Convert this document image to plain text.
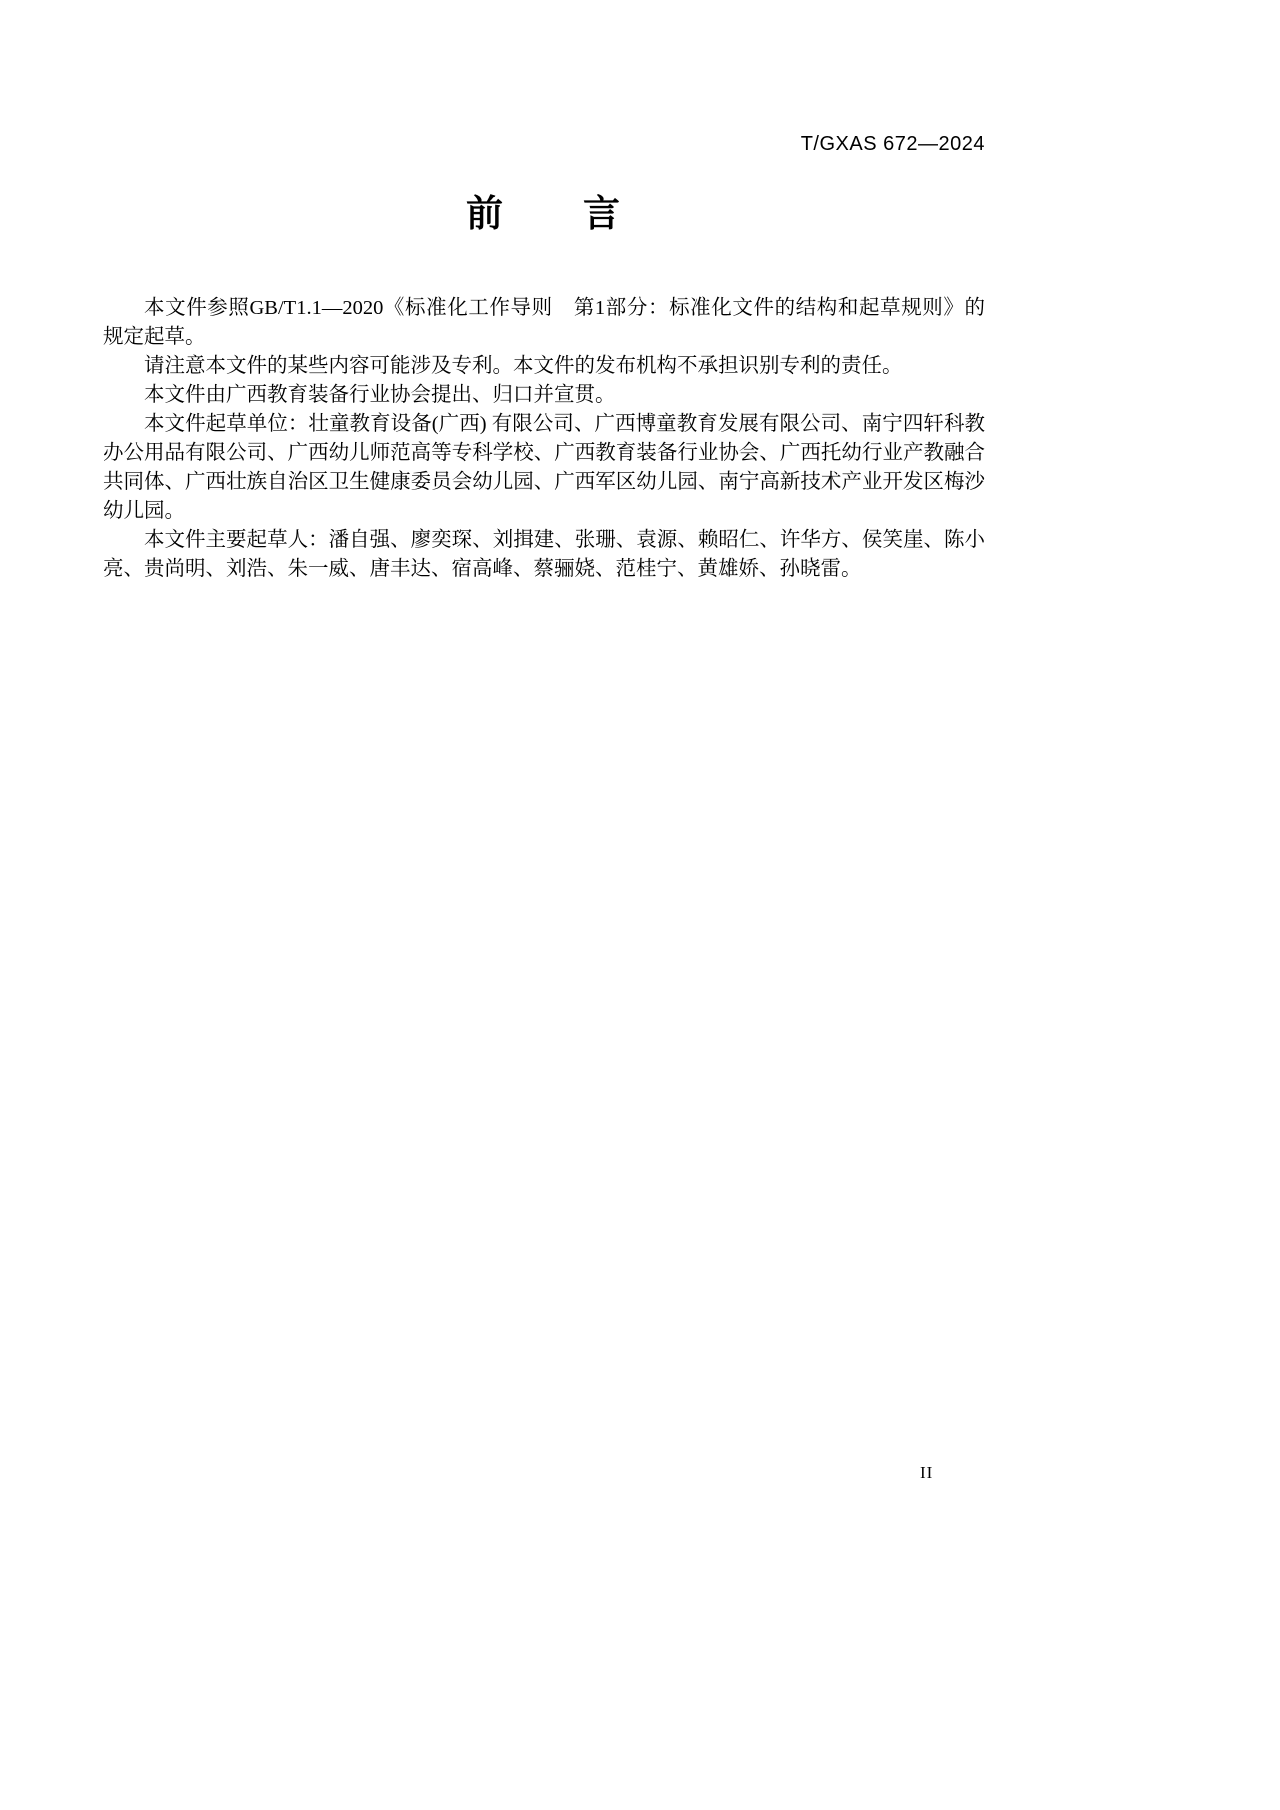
T/GXAS 672—2024
前　　言

本文件参照GB/T1.1—2020《标准化工作导则　第1部分：标准化文件的结构和起草规则》的规定起草。

请注意本文件的某些内容可能涉及专利。本文件的发布机构不承担识别专利的责任。

本文件由广西教育装备行业协会提出、归口并宣贯。

本文件起草单位：壮童教育设备(广西) 有限公司、广西博童教育发展有限公司、南宁四轩科教办公用品有限公司、广西幼儿师范高等专科学校、广西教育装备行业协会、广西托幼行业产教融合共同体、广西壮族自治区卫生健康委员会幼儿园、广西军区幼儿园、南宁高新技术产业开发区梅沙幼儿园。

本文件主要起草人：潘自强、廖奕琛、刘揖建、张珊、袁源、赖昭仁、许华方、侯笑崖、陈小亮、贵尚明、刘浩、朱一威、唐丰达、宿高峰、蔡骊娆、范桂宁、黄雄娇、孙晓雷。

II
